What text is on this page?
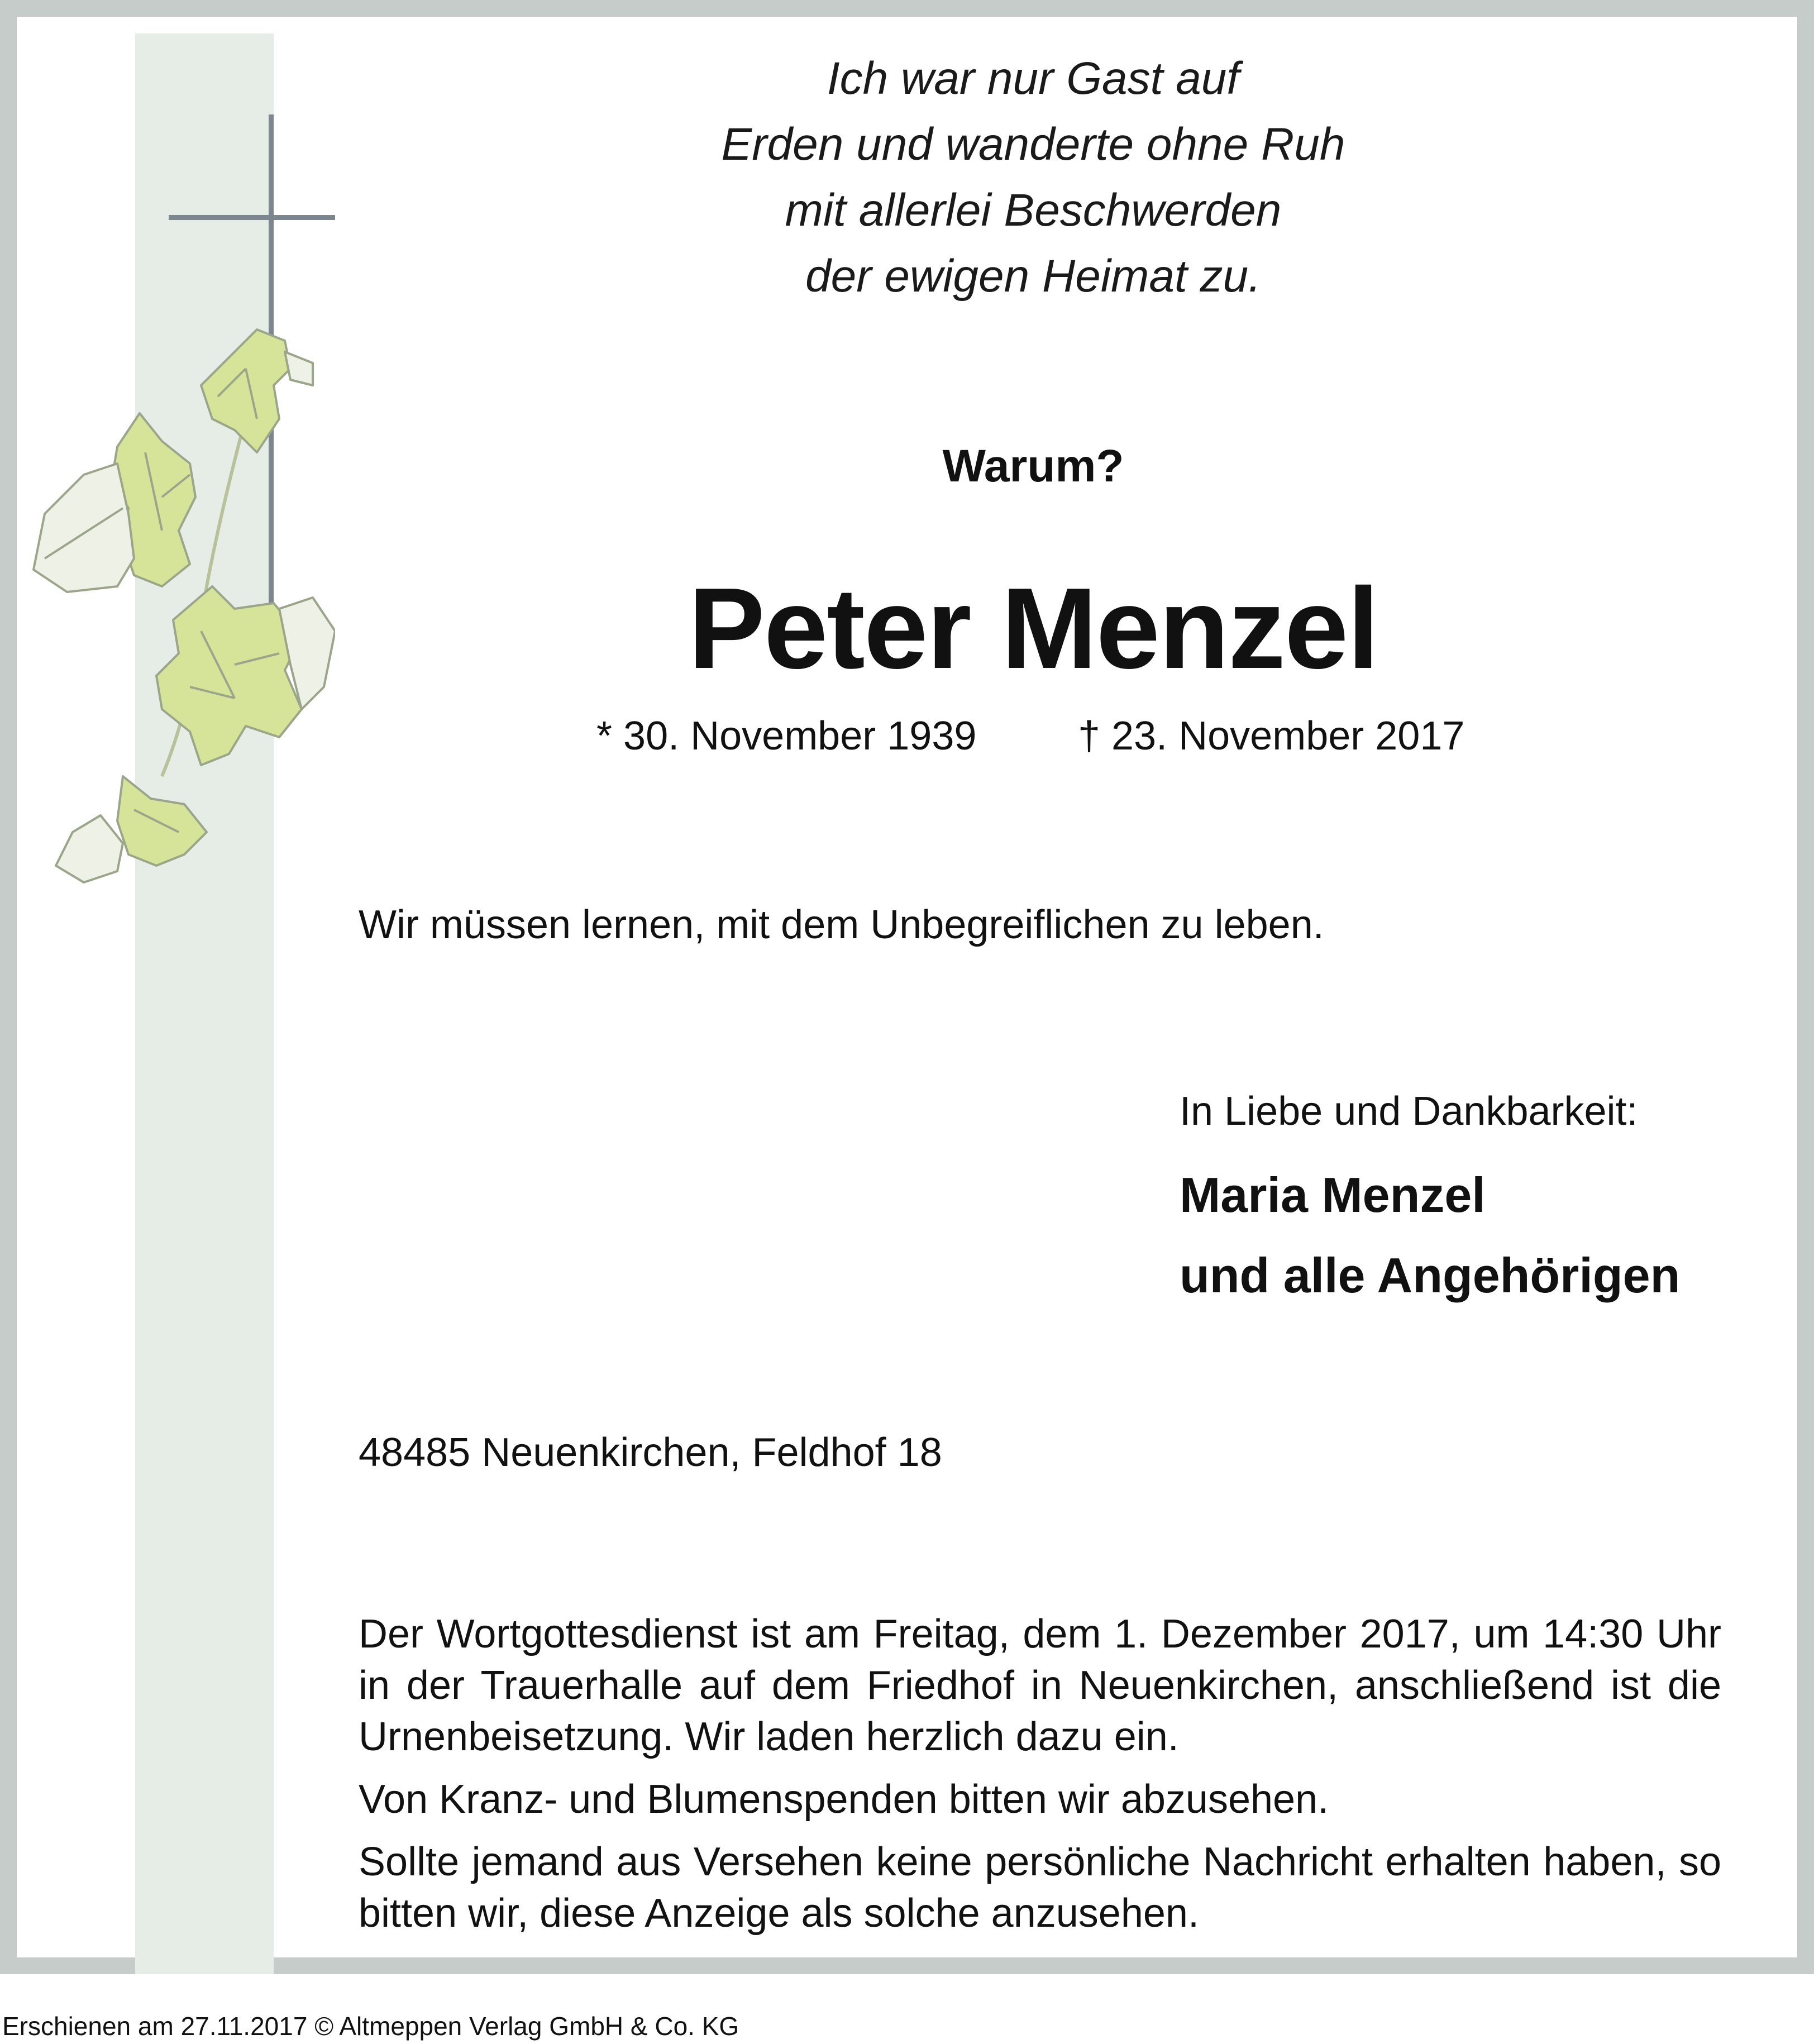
Ich war nur Gast auf
Erden und wanderte ohne Ruh
mit allerlei Beschwerden
der ewigen Heimat zu.
Warum?
Peter Menzel
* 30. November 1939	† 23. November 2017
Wir müssen lernen, mit dem Unbegreiflichen zu leben.
In Liebe und Dankbarkeit:
Maria Menzel
und alle Angehörigen
48485 Neuenkirchen, Feldhof 18

Der Wortgottesdienst ist am Freitag, dem 1. Dezember 2017, um 14:30 Uhr in der Trauerhalle auf dem Friedhof in Neuenkirchen, anschließend ist die Urnenbeisetzung. Wir laden herzlich dazu ein.

Von Kranz- und Blumenspenden bitten wir abzusehen.

Sollte jemand aus Versehen keine persönliche Nachricht erhalten haben, so bitten wir, diese Anzeige als solche anzusehen.

Erschienen am 27.11.2017 © Altmeppen Verlag GmbH & Co. KG
